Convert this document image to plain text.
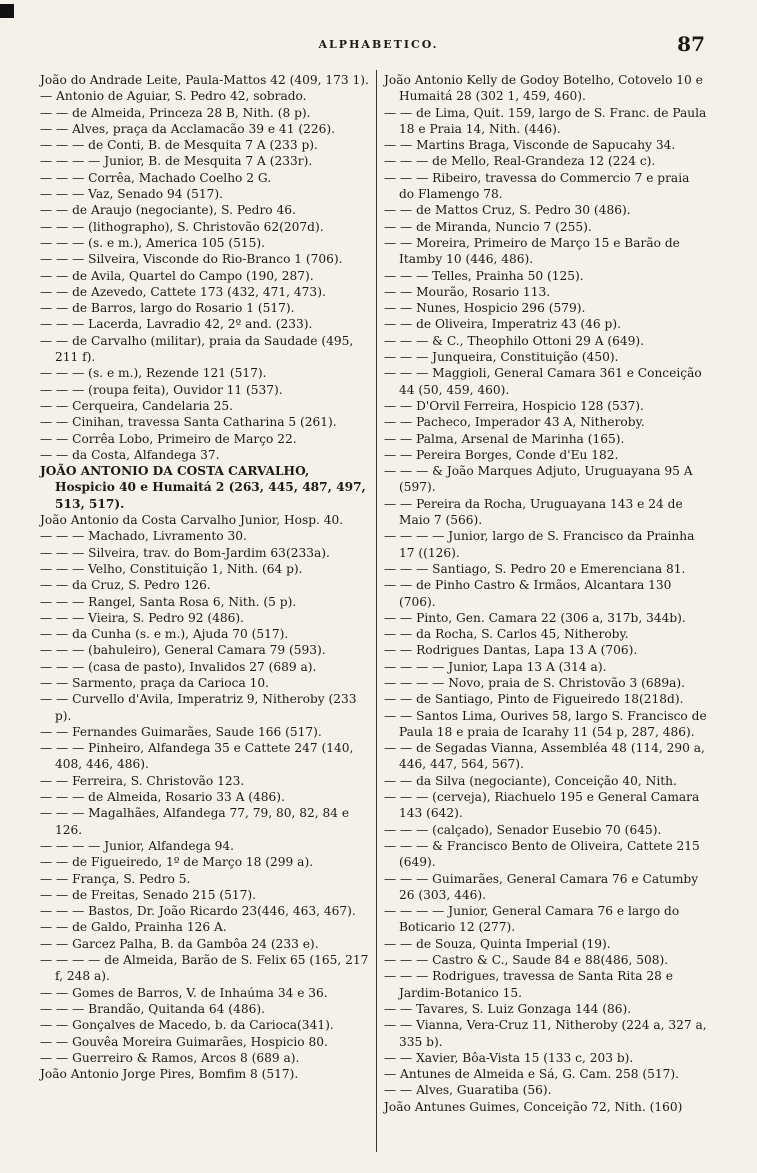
ALPHABETICO.	87
João do Andrade Leite, Paula-Mattos 42 (409, 173 1).
— Antonio de Aguiar, S. Pedro 42, sobrado.
— — de Almeida, Princeza 28 B, Nith. (8 p).
— — Alves, praça da Acclamacão 39 e 41 (226).
— — — de Conti, B. de Mesquita 7 A (233 p).
— — — — Junior, B. de Mesquita 7 A (233r).
— — — Corrêa, Machado Coelho 2 G.
— — — Vaz, Senado 94 (517).
— — de Araujo (negociante), S. Pedro 46.
— — — (lithographo), S. Christovão 62(207d).
— — — (s. e m.), America 105 (515).
— — — Silveira, Visconde do Rio-Branco 1 (706).
— — de Avila, Quartel do Campo (190, 287).
— — de Azevedo, Cattete 173 (432, 471, 473).
— — de Barros, largo do Rosario 1 (517).
— — — Lacerda, Lavradio 42, 2º and. (233).
— — de Carvalho (militar), praia da Saudade (495, 211 f).
— — — (s. e m.), Rezende 121 (517).
— — — (roupa feita), Ouvidor 11 (537).
— — Cerqueira, Candelaria 25.
— — Cinihan, travessa Santa Catharina 5 (261).
— — Corrêa Lobo, Primeiro de Março 22.
— — da Costa, Alfandega 37.
JOÃO ANTONIO DA COSTA CARVALHO, Hospicio 40 e Humaitá 2 (263, 445, 487, 497, 513, 517).
João Antonio da Costa Carvalho Junior, Hosp. 40.
— — — Machado, Livramento 30.
— — — Silveira, trav. do Bom-Jardim 63(233a).
— — — Velho, Constituição 1, Nith. (64 p).
— — da Cruz, S. Pedro 126.
— — — Rangel, Santa Rosa 6, Nith. (5 p).
— — — Vieira, S. Pedro 92 (486).
— — da Cunha (s. e m.), Ajuda 70 (517).
— — — (bahuleiro), General Camara 79 (593).
— — — (casa de pasto), Invalidos 27 (689 a).
— — Sarmento, praça da Carioca 10.
— — Curvello d'Avila, Imperatriz 9, Nitheroby (233 p).
— — Fernandes Guimarães, Saude 166 (517).
— — — Pinheiro, Alfandega 35 e Cattete 247 (140, 408, 446, 486).
— — Ferreira, S. Christovão 123.
— — — de Almeida, Rosario 33 A (486).
— — — Magalhães, Alfandega 77, 79, 80, 82, 84 e 126.
— — — — Junior, Alfandega 94.
— — de Figueiredo, 1º de Março 18 (299 a).
— — França, S. Pedro 5.
— — de Freitas, Senado 215 (517).
— — — Bastos, Dr. João Ricardo 23(446, 463, 467).
— — de Galdo, Prainha 126 A.
— — Garcez Palha, B. da Gambôa 24 (233 e).
— — — — de Almeida, Barão de S. Felix 65 (165, 217 f, 248 a).
— — Gomes de Barros, V. de Inhaúma 34 e 36.
— — — Brandão, Quitanda 64 (486).
— — Gonçalves de Macedo, b. da Carioca(341).
— — Gouvêa Moreira Guimarães, Hospicio 80.
— — Guerreiro & Ramos, Arcos 8 (689 a).
João Antonio Jorge Pires, Bomfim 8 (517).
João Antonio Kelly de Godoy Botelho, Cotovelo 10 e Humaitá 28 (302 1, 459, 460).
— — de Lima, Quit. 159, largo de S. Franc. de Paula 18 e Praia 14, Nith. (446).
— — Martins Braga, Visconde de Sapucahy 34.
— — — de Mello, Real-Grandeza 12 (224 c).
— — — Ribeiro, travessa do Commercio 7 e praia do Flamengo 78.
— — de Mattos Cruz, S. Pedro 30 (486).
— — de Miranda, Nuncio 7 (255).
— — Moreira, Primeiro de Março 15 e Barão de Itamby 10 (446, 486).
— — — Telles, Prainha 50 (125).
— — Mourão, Rosario 113.
— — Nunes, Hospicio 296 (579).
— — de Oliveira, Imperatriz 43 (46 p).
— — — & C., Theophilo Ottoni 29 A (649).
— — — Junqueira, Constituição (450).
— — — Maggioli, General Camara 361 e Conceição 44 (50, 459, 460).
— — D'Orvil Ferreira, Hospicio 128 (537).
— — Pacheco, Imperador 43 A, Nitheroby.
— — Palma, Arsenal de Marinha (165).
— — Pereira Borges, Conde d'Eu 182.
— — — & João Marques Adjuto, Uruguayana 95 A (597).
— — Pereira da Rocha, Uruguayana 143 e 24 de Maio 7 (566).
— — — — Junior, largo de S. Francisco da Prainha 17 ((126).
— — — Santiago, S. Pedro 20 e Emerenciana 81.
— — de Pinho Castro & Irmãos, Alcantara 130 (706).
— — Pinto, Gen. Camara 22 (306 a, 317b, 344b).
— — da Rocha, S. Carlos 45, Nitheroby.
— — Rodrigues Dantas, Lapa 13 A (706).
— — — — Junior, Lapa 13 A (314 a).
— — — — Novo, praia de S. Christovão 3 (689a).
— — de Santiago, Pinto de Figueiredo 18(218d).
— — Santos Lima, Ourives 58, largo S. Francisco de Paula 18 e praia de Icarahy 11 (54 p, 287, 486).
— — de Segadas Vianna, Assembléa 48 (114, 290 a, 446, 447, 564, 567).
— — da Silva (negociante), Conceição 40, Nith.
— — — (cerveja), Riachuelo 195 e General Camara 143 (642).
— — — (calçado), Senador Eusebio 70 (645).
— — — & Francisco Bento de Oliveira, Cattete 215 (649).
— — — Guimarães, General Camara 76 e Catumby 26 (303, 446).
— — — — Junior, General Camara 76 e largo do Boticario 12 (277).
— — de Souza, Quinta Imperial (19).
— — — Castro & C., Saude 84 e 88(486, 508).
— — — Rodrigues, travessa de Santa Rita 28 e Jardim-Botanico 15.
— — Tavares, S. Luiz Gonzaga 144 (86).
— — Vianna, Vera-Cruz 11, Nitheroby (224 a, 327 a, 335 b).
— — Xavier, Bôa-Vista 15 (133 c, 203 b).
— Antunes de Almeida e Sá, G. Cam. 258 (517).
— — Alves, Guaratiba (56).
João Antunes Guimes, Conceição 72, Nith. (160)
